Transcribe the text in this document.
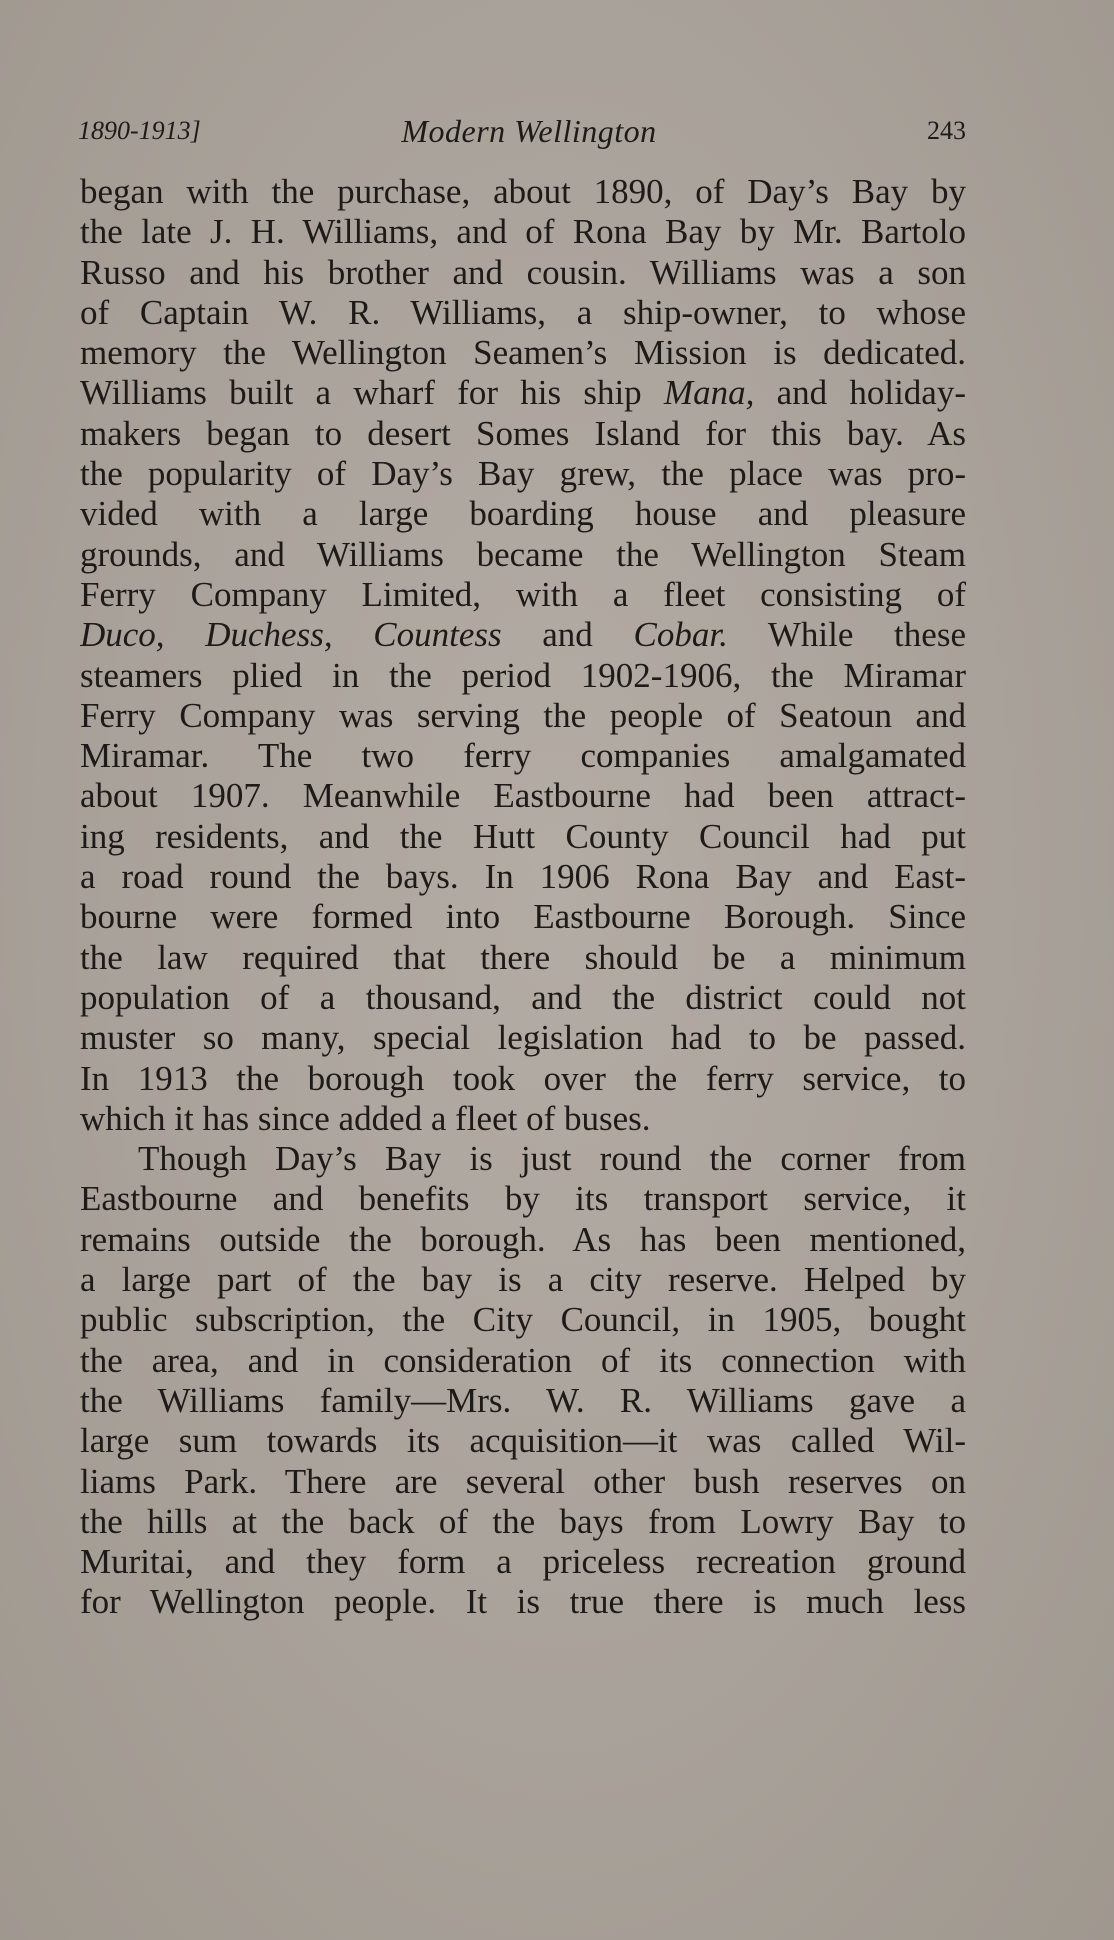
1890-1913]	Modern Wellington	243
began with the purchase, about 1890, of Day’s Bay by
the late J. H. Williams, and of Rona Bay by Mr. Bartolo
Russo and his brother and cousin. Williams was a son
of Captain W. R. Williams, a ship-owner, to whose
memory the Wellington Seamen’s Mission is dedicated.
Williams built a wharf for his ship Mana, and holiday-
makers began to desert Somes Island for this bay. As
the popularity of Day’s Bay grew, the place was pro-
vided with a large boarding house and pleasure
grounds, and Williams became the Wellington Steam
Ferry Company Limited, with a fleet consisting of
Duco, Duchess, Countess and Cobar. While these
steamers plied in the period 1902-1906, the Miramar
Ferry Company was serving the people of Seatoun and
Miramar. The two ferry companies amalgamated
about 1907. Meanwhile Eastbourne had been attract-
ing residents, and the Hutt County Council had put
a road round the bays. In 1906 Rona Bay and East-
bourne were formed into Eastbourne Borough. Since
the law required that there should be a minimum
population of a thousand, and the district could not
muster so many, special legislation had to be passed.
In 1913 the borough took over the ferry service, to
which it has since added a fleet of buses.
Though Day’s Bay is just round the corner from
Eastbourne and benefits by its transport service, it
remains outside the borough. As has been mentioned,
a large part of the bay is a city reserve. Helped by
public subscription, the City Council, in 1905, bought
the area, and in consideration of its connection with
the Williams family—Mrs. W. R. Williams gave a
large sum towards its acquisition—it was called Wil-
liams Park. There are several other bush reserves on
the hills at the back of the bays from Lowry Bay to
Muritai, and they form a priceless recreation ground
for Wellington people. It is true there is much less
